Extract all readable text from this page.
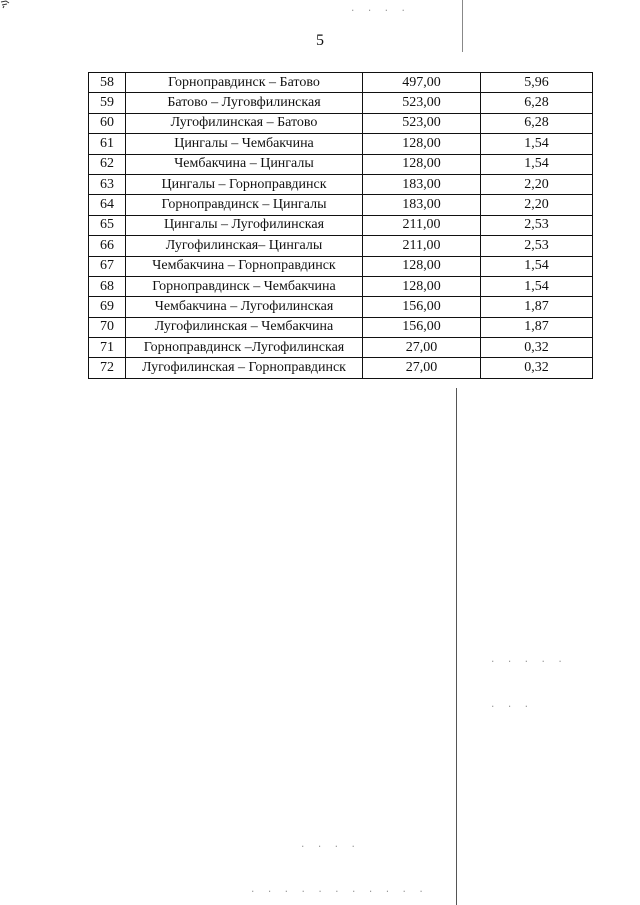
. . . .
. . . . .
. . .
. . . . . . . . . . .
. . . .
5
58	Горноправдинск – Батово	497,00	5,96
59	Батово – Луговфилинская	523,00	6,28
60	Лугофилинская – Батово	523,00	6,28
61	Цингалы – Чембакчина	128,00	1,54
62	Чембакчина – Цингалы	128,00	1,54
63	Цингалы – Горноправдинск	183,00	2,20
64	Горноправдинск – Цингалы	183,00	2,20
65	Цингалы – Лугофилинская	211,00	2,53
66	Лугофилинская– Цингалы	211,00	2,53
67	Чембакчина – Горноправдинск	128,00	1,54
68	Горноправдинск – Чембакчина	128,00	1,54
69	Чембакчина – Лугофилинская	156,00	1,87
70	Лугофилинская – Чембакчина	156,00	1,87
71	Горноправдинск –Лугофилинская	27,00	0,32
72	Лугофилинская – Горноправдинск	27,00	0,32
